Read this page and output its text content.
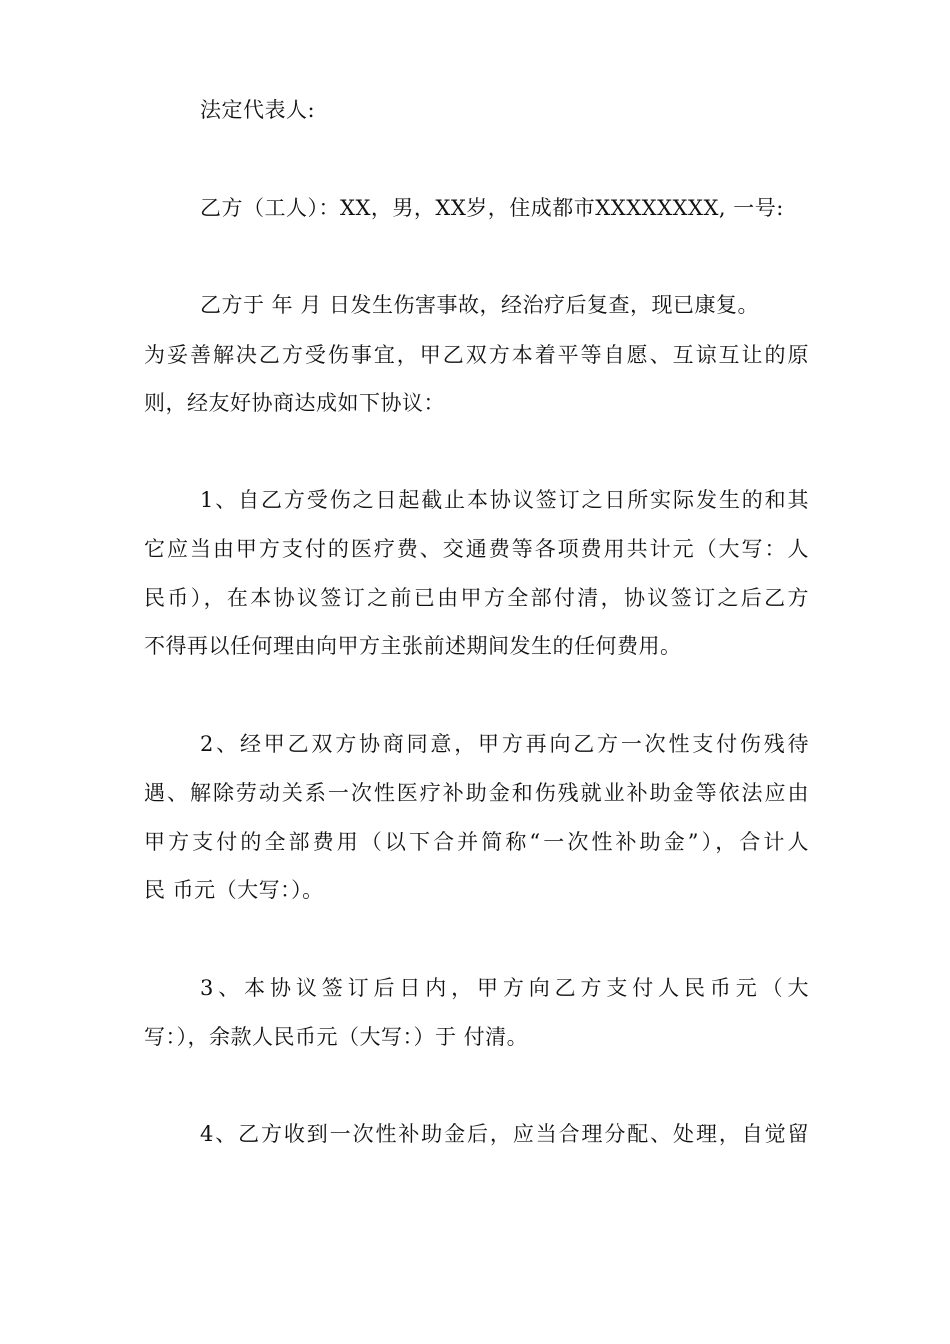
法定代表人:
乙方（工人）：XX，男，XX岁，住成都市XXXXXXXX, 一号:
乙方于 年 月 日发生伤害事故，经治疗后复查，现已康复。
为妥善解决乙方受伤事宜，甲乙双方本着平等自愿、互谅互让的原
则，经友好协商达成如下协议：
1、自乙方受伤之日起截止本协议签订之日所实际发生的和其
它应当由甲方支付的医疗费、交通费等各项费用共计元（大写：人
民币），在本协议签订之前已由甲方全部付清，协议签订之后乙方
不得再以任何理由向甲方主张前述期间发生的任何费用。
2、经甲乙双方协商同意，甲方再向乙方一次性支付伤残待
遇、解除劳动关系一次性医疗补助金和伤残就业补助金等依法应由
甲方支付的全部费用（以下合并简称“一次性补助金”），合计人
民 币元（大写：）。
3、本协议签订后日内，甲方向乙方支付人民币元（大
写：），余款人民币元（大写：）于 付清。
4、乙方收到一次性补助金后，应当合理分配、处理，自觉留
